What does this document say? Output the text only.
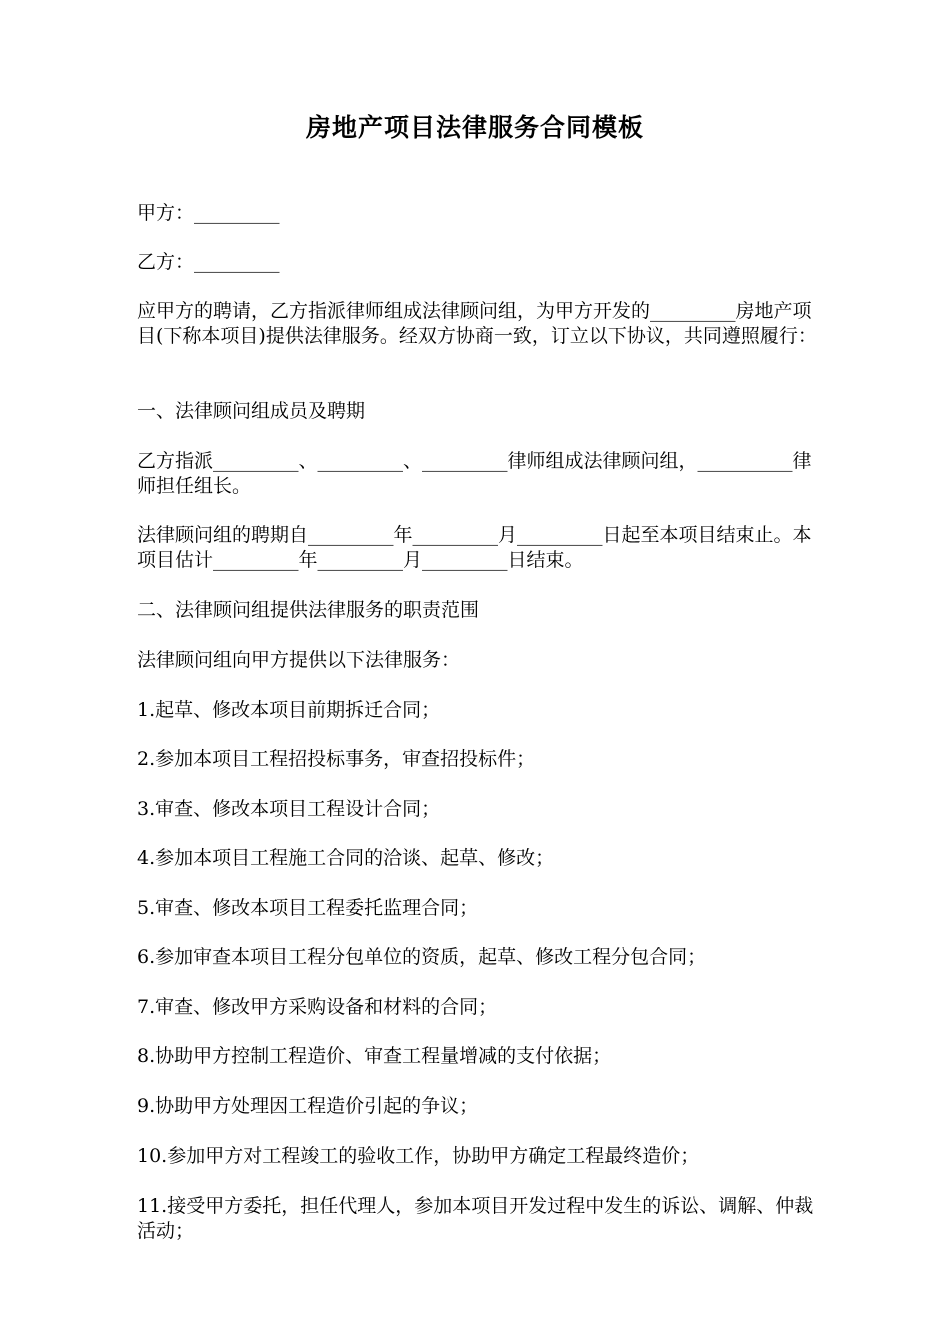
房地产项目法律服务合同模板
甲方：_________
乙方：_________
应甲方的聘请，乙方指派律师组成法律顾问组，为甲方开发的_________房地产项目(下称本项目)提供法律服务。经双方协商一致，订立以下协议，共同遵照履行：
一、法律顾问组成员及聘期
乙方指派_________、_________、_________律师组成法律顾问组，__________律师担任组长。
法律顾问组的聘期自_________年_________月_________日起至本项目结束止。本项目估计_________年_________月_________日结束。
二、法律顾问组提供法律服务的职责范围
法律顾问组向甲方提供以下法律服务：
1.起草、修改本项目前期拆迁合同；
2.参加本项目工程招投标事务，审查招投标件；
3.审查、修改本项目工程设计合同；
4.参加本项目工程施工合同的洽谈、起草、修改；
5.审查、修改本项目工程委托监理合同；
6.参加审查本项目工程分包单位的资质，起草、修改工程分包合同；
7.审查、修改甲方采购设备和材料的合同；
8.协助甲方控制工程造价、审查工程量增减的支付依据；
9.协助甲方处理因工程造价引起的争议；
10.参加甲方对工程竣工的验收工作，协助甲方确定工程最终造价；
11.接受甲方委托，担任代理人，参加本项目开发过程中发生的诉讼、调解、仲裁活动；
